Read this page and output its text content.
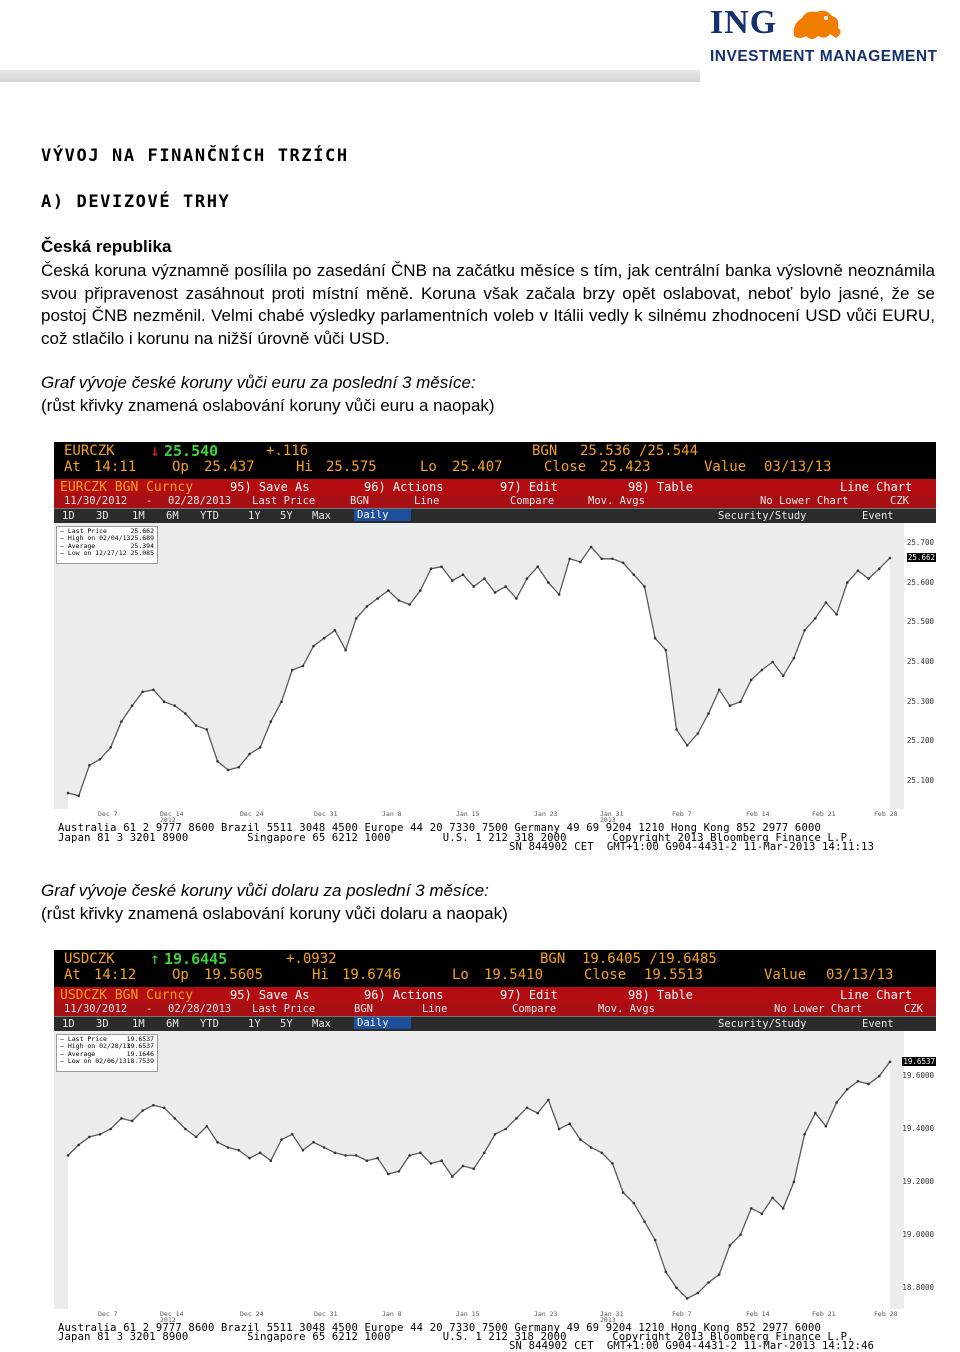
ING
INVESTMENT MANAGEMENT
VÝVOJ NA FINANČNÍCH TRZÍCH
A) DEVIZOVÉ TRHY
Česká republika
Česká koruna významně posílila po zasedání ČNB na začátku měsíce s tím, jak centrální banka výslovně neoznámila svou připravenost zasáhnout proti místní měně. Koruna však začala brzy opět oslabovat, neboť bylo jasné, že se postoj ČNB nezměnil. Velmi chabé výsledky parlamentních voleb v Itálii vedly k silnému zhodnocení USD vůči EURU, což stlačilo i korunu na nižší úrovně vůči USD.
Graf vývoje české koruny vůči euru za poslední 3 měsíce:
(růst křivky znamená oslabování koruny vůči euru a naopak)
EURCZK ↓ 25.540	+.116	BGN 25.536 /25.544
At 14:11	Op 25.437	Hi 25.575	Lo 25.407	Close 25.423	Value 03/13/13
EURCZK BGN Curncy	95) Save As	96) Actions	97) Edit	98) Table	Line Chart
11/30/2012 - 02/28/2013 Last Price	BGN	Line	Compare	Mov. Avgs	No Lower Chart	CZK
1D 3D 1M 6M YTD	1Y 5Y Max Daily	Security/Study	Event
25.700
25.600
25.500
25.400
25.300
25.200
25.100
25.662
— Last Price	25.662
— High on 02/04/13 25.689
— Average	25.394
— Low on 12/27/12 25.085
Dec 7	Dec 14	Dec 24	Dec 31	Jan 8	Jan 15	Jan 23	Jan 31	Feb 7	Feb 14	Feb 21	Feb 28
2012	2013
Australia 61 2 9777 8600 Brazil 5511 3048 4500 Europe 44 20 7330 7500 Germany 49 69 9204 1210 Hong Kong 852 2977 6000
Japan 81 3 3201 8900         Singapore 65 6212 1000        U.S. 1 212 318 2000       Copyright 2013 Bloomberg Finance L.P.
SN 844902 CET  GMT+1:00 G904-4431-2 11-Mar-2013 14:11:13
Graf vývoje české koruny vůči dolaru za poslední 3 měsíce:
(růst křivky znamená oslabování koruny vůči dolaru a naopak)
USDCZK ↑ 19.6445	+.0932	BGN 19.6405 /19.6485
At 14:12	Op 19.5605	Hi 19.6746	Lo 19.5410	Close 19.5513	Value 03/13/13
USDCZK BGN Curncy	95) Save As	96) Actions	97) Edit	98) Table	Line Chart
11/30/2012 - 02/28/2013 Last Price	BGN	Line	Compare	Mov. Avgs	No Lower Chart	CZK
1D 3D 1M 6M YTD	1Y 5Y Max Daily	Security/Study	Event
19.6000
19.4000
19.2000
19.0000
18.8000
19.6537
— Last Price	19.6537
— High on 02/28/13
19.6537
— Average	19.1646
— Low on 02/06/13 18.7539
Dec 7	Dec 14	Dec 24	Dec 31	Jan 8	Jan 15	Jan 23	Jan 31	Feb 7	Feb 14	Feb 21	Feb 28
2012	2013
Australia 61 2 9777 8600 Brazil 5511 3048 4500 Europe 44 20 7330 7500 Germany 49 69 9204 1210 Hong Kong 852 2977 6000
Japan 81 3 3201 8900         Singapore 65 6212 1000        U.S. 1 212 318 2000       Copyright 2013 Bloomberg Finance L.P.
SN 844902 CET  GMT+1:00 G904-4431-2 11-Mar-2013 14:12:46
